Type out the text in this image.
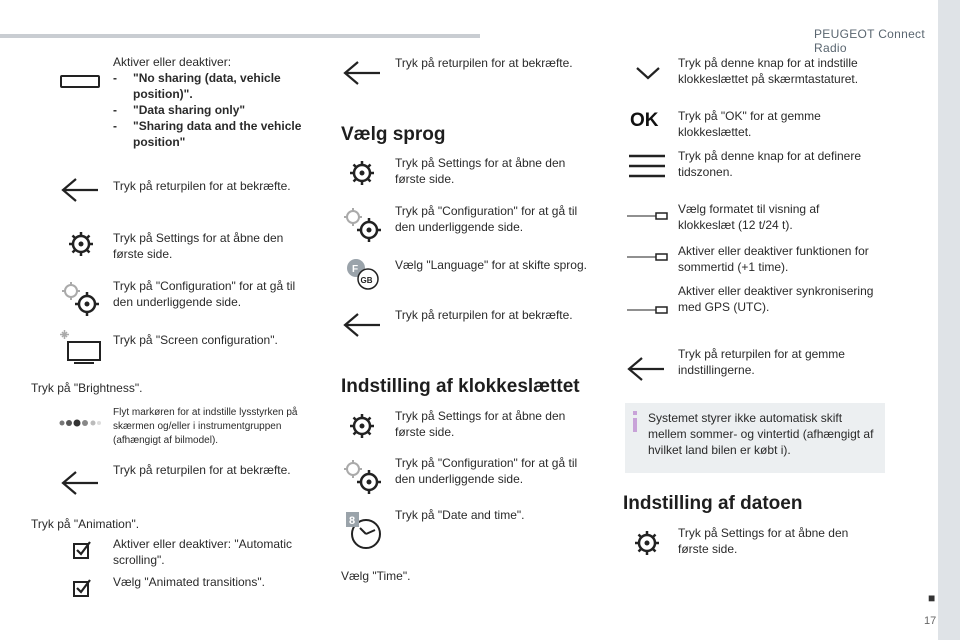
PEUGEOT Connect Radio
■
17
Aktiver eller deaktiver:
- "No sharing (data, vehicle position)".
- "Data sharing only"
- "Sharing data and the vehicle position"
Tryk på returpilen for at bekræfte.
Tryk på Settings for at åbne den første side.
Tryk på "Configuration" for at gå til den underliggende side.
Tryk på "Screen configuration".
Tryk på "Brightness".
Flyt markøren for at indstille lysstyrken på skærmen og/eller i instrumentgruppen (afhængigt af bilmodel).
Tryk på returpilen for at bekræfte.
Tryk på "Animation".
Aktiver eller deaktiver: "Automatic scrolling".
Vælg "Animated transitions".
Tryk på returpilen for at bekræfte.
Vælg sprog
Tryk på Settings for at åbne den første side.
Tryk på "Configuration" for at gå til den underliggende side.
F
GB
Vælg "Language" for at skifte sprog.
Tryk på returpilen for at bekræfte.
Indstilling af klokkeslættet
Tryk på Settings for at åbne den første side.
Tryk på "Configuration" for at gå til den underliggende side.
8	Tryk på "Date and time".
Vælg "Time".
Tryk på denne knap for at indstille klokkeslættet på skærmtastaturet.
OK Tryk på "OK" for at gemme klokkeslættet.
Tryk på denne knap for at definere tidszonen.
Vælg formatet til visning af klokkeslæt (12 t/24 t).
Aktiver eller deaktiver funktionen for sommertid (+1 time).
Aktiver eller deaktiver synkronisering med GPS (UTC).
Tryk på returpilen for at gemme indstillingerne.
Systemet styrer ikke automatisk skift mellem sommer- og vintertid (afhængigt af hvilket land bilen er købt i).
Indstilling af datoen
Tryk på Settings for at åbne den første side.
